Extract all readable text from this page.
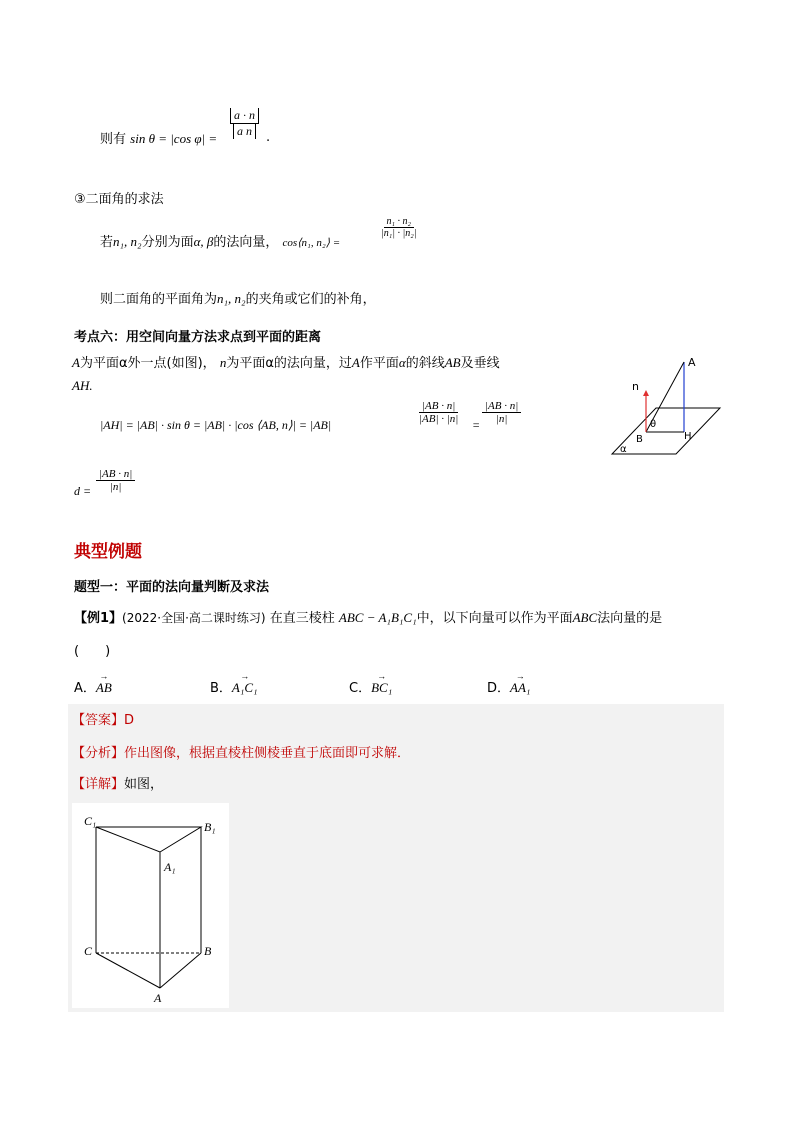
则有 sin θ = |cos $\varphi| = \frac{a \cdot n}{\text{a n}}$ .
③二面角的求法
若n₁, n₂分别为面α, β的法向量， cos⟨n₁, n₂⟩ =
$\frac{\text{n₁ · n₂}}{\text{|n₁| · |n₂|}}$
则二面角的平面角为n₁, n₂的夹角或它们的补角，
考点六：用空间向量方法求点到平面的距离
A为平面α外一点(如图)， n为平面α的法向量，过A作平面α的斜线AB及垂线
AH.
|AH| = |AB| · sin θ = |AB| · |cos ⟨AB, n⟩| = |AB|	$\frac{|AB \cdot n|}{|AB| \cdot |n|} = \frac{|AB \cdot n|}{|n|}$
$d = \frac{|AB \cdot n|}{|n|}$
A
n
θ
B	H
α
典型例题
题型一：平面的法向量判断及求法
【例1】(2022·全国·高二课时练习) 在直三棱柱 ABC − A₁B₁C₁中，以下向量可以作为平面ABC法向量的是
(　　)
A．→ AB	B．→ A₁C₁	C．→ BC₁	D．→ AA₁
【答案】D
【分析】作出图像，根据直棱柱侧棱垂直于底面即可求解．
【详解】如图，
C₁	B₁
A₁
C	B
A
